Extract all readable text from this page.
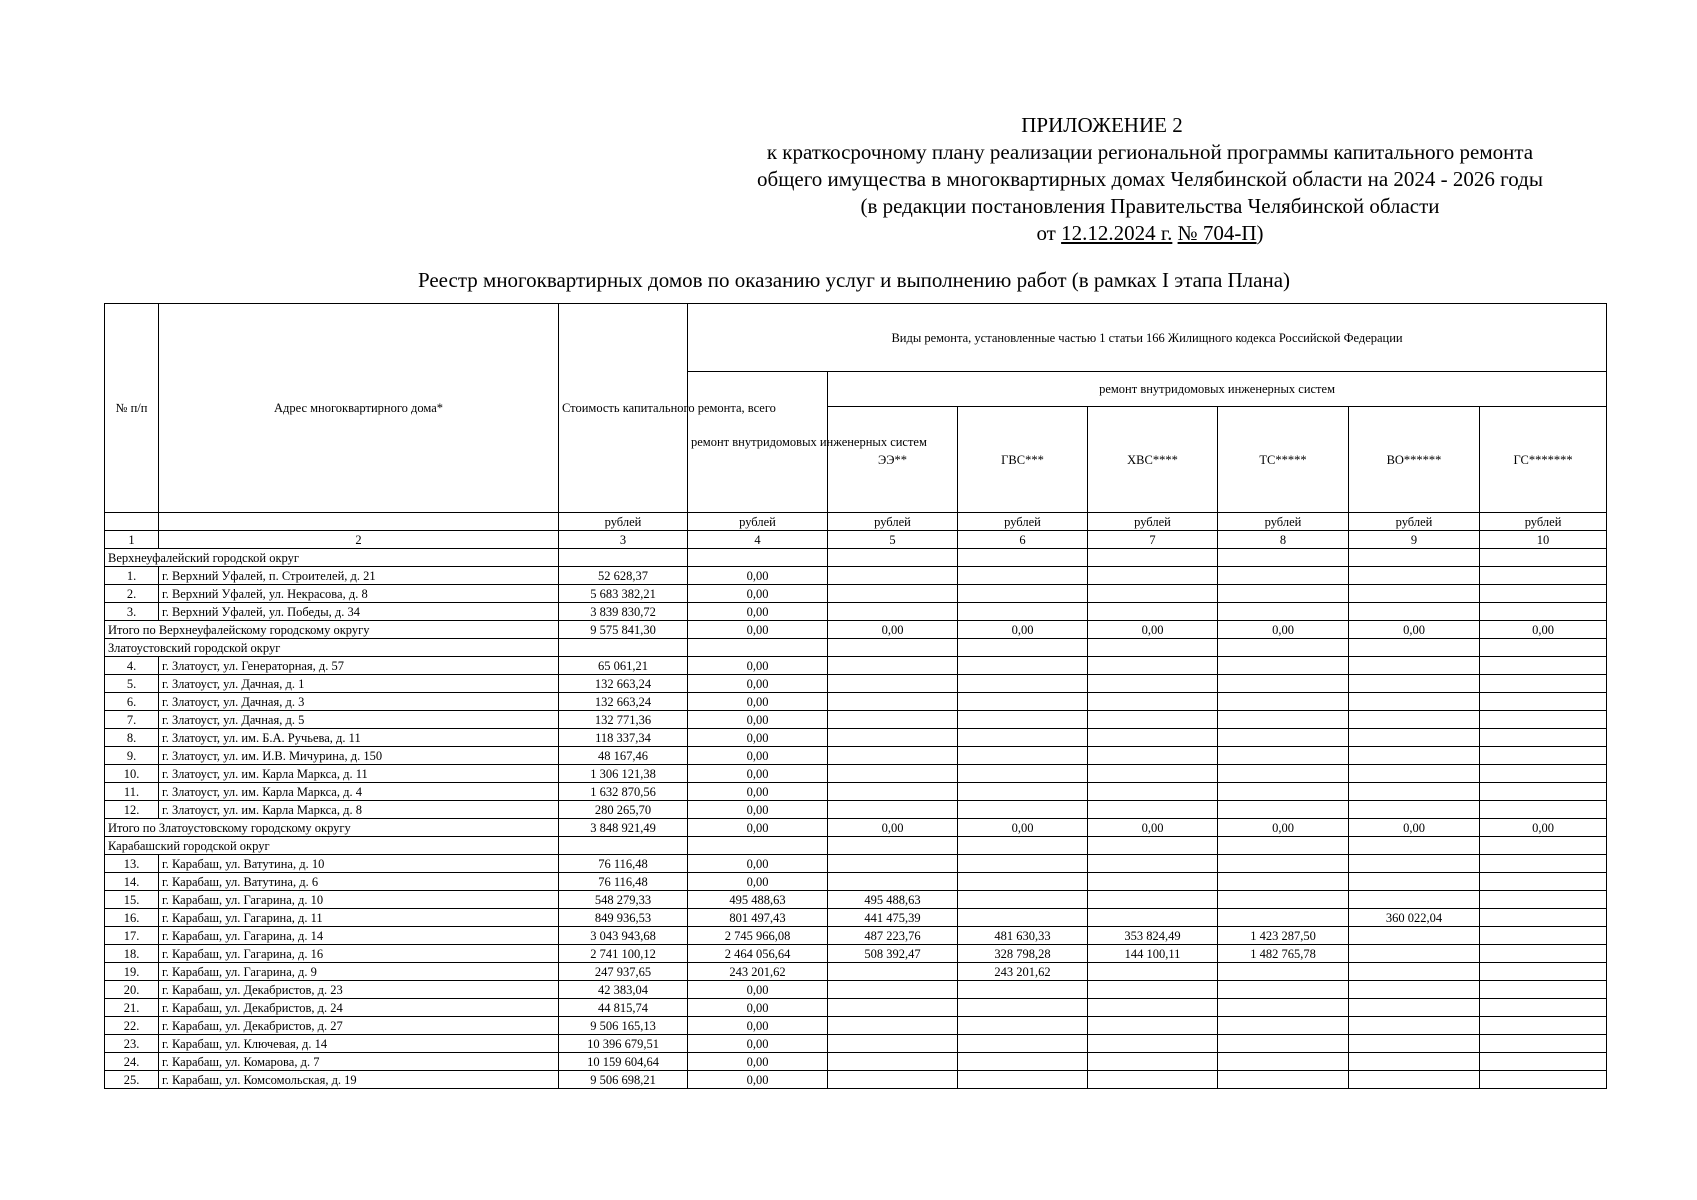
ПРИЛОЖЕНИЕ 2
к краткосрочному плану реализации региональной программы капитального ремонта
общего имущества в многоквартирных домах Челябинской области на 2024 - 2026 годы
(в редакции постановления Правительства Челябинской области
от 12.12.2024 г. № 704-П)
Реестр многоквартирных домов по оказанию услуг и выполнению работ (в рамках I этапа Плана)
№ п/п	Адрес многоквартирного дома*	Стоимость капитального ремонта, всего	Виды ремонта, установленные частью 1 статьи 166 Жилищного кодекса Российской Федерации						
			ремонт внутридомовых инженерных систем	ремонт внутридомовых инженерных систем					
				ЭЭ**	ГВС***	ХВС****	ТС*****	ВО******	ГС*******
		рублей	рублей	рублей	рублей	рублей	рублей	рублей	рублей
1	2	3	4	5	6	7	8	9	10
Верхнеуфалейский городской округ									
1.	г. Верхний Уфалей, п. Строителей, д. 21	52 628,37	0,00						
2.	г. Верхний Уфалей, ул. Некрасова, д. 8	5 683 382,21	0,00						
3.	г. Верхний Уфалей, ул. Победы, д. 34	3 839 830,72	0,00						
Итого по Верхнеуфалейскому городскому округу		9 575 841,30	0,00	0,00	0,00	0,00	0,00	0,00	0,00
Златоустовский городской округ									
4.	г. Златоуст, ул. Генераторная, д. 57	65 061,21	0,00						
5.	г. Златоуст, ул. Дачная, д. 1	132 663,24	0,00						
6.	г. Златоуст, ул. Дачная, д. 3	132 663,24	0,00						
7.	г. Златоуст, ул. Дачная, д. 5	132 771,36	0,00						
8.	г. Златоуст, ул. им. Б.А. Ручьева, д. 11	118 337,34	0,00						
9.	г. Златоуст, ул. им. И.В. Мичурина, д. 150	48 167,46	0,00						
10.	г. Златоуст, ул. им. Карла Маркса, д. 11	1 306 121,38	0,00						
11.	г. Златоуст, ул. им. Карла Маркса, д. 4	1 632 870,56	0,00						
12.	г. Златоуст, ул. им. Карла Маркса, д. 8	280 265,70	0,00						
Итого по Златоустовскому городскому округу		3 848 921,49	0,00	0,00	0,00	0,00	0,00	0,00	0,00
Карабашский городской округ									
13.	г. Карабаш, ул. Ватутина, д. 10	76 116,48	0,00						
14.	г. Карабаш, ул. Ватутина, д. 6	76 116,48	0,00						
15.	г. Карабаш, ул. Гагарина, д. 10	548 279,33	495 488,63	495 488,63					
16.	г. Карабаш, ул. Гагарина, д. 11	849 936,53	801 497,43	441 475,39				360 022,04	
17.	г. Карабаш, ул. Гагарина, д. 14	3 043 943,68	2 745 966,08	487 223,76	481 630,33	353 824,49	1 423 287,50		
18.	г. Карабаш, ул. Гагарина, д. 16	2 741 100,12	2 464 056,64	508 392,47	328 798,28	144 100,11	1 482 765,78		
19.	г. Карабаш, ул. Гагарина, д. 9	247 937,65	243 201,62		243 201,62				
20.	г. Карабаш, ул. Декабристов, д. 23	42 383,04	0,00						
21.	г. Карабаш, ул. Декабристов, д. 24	44 815,74	0,00						
22.	г. Карабаш, ул. Декабристов, д. 27	9 506 165,13	0,00						
23.	г. Карабаш, ул. Ключевая, д. 14	10 396 679,51	0,00						
24.	г. Карабаш, ул. Комарова, д. 7	10 159 604,64	0,00						
25.	г. Карабаш, ул. Комсомольская, д. 19	9 506 698,21	0,00						
